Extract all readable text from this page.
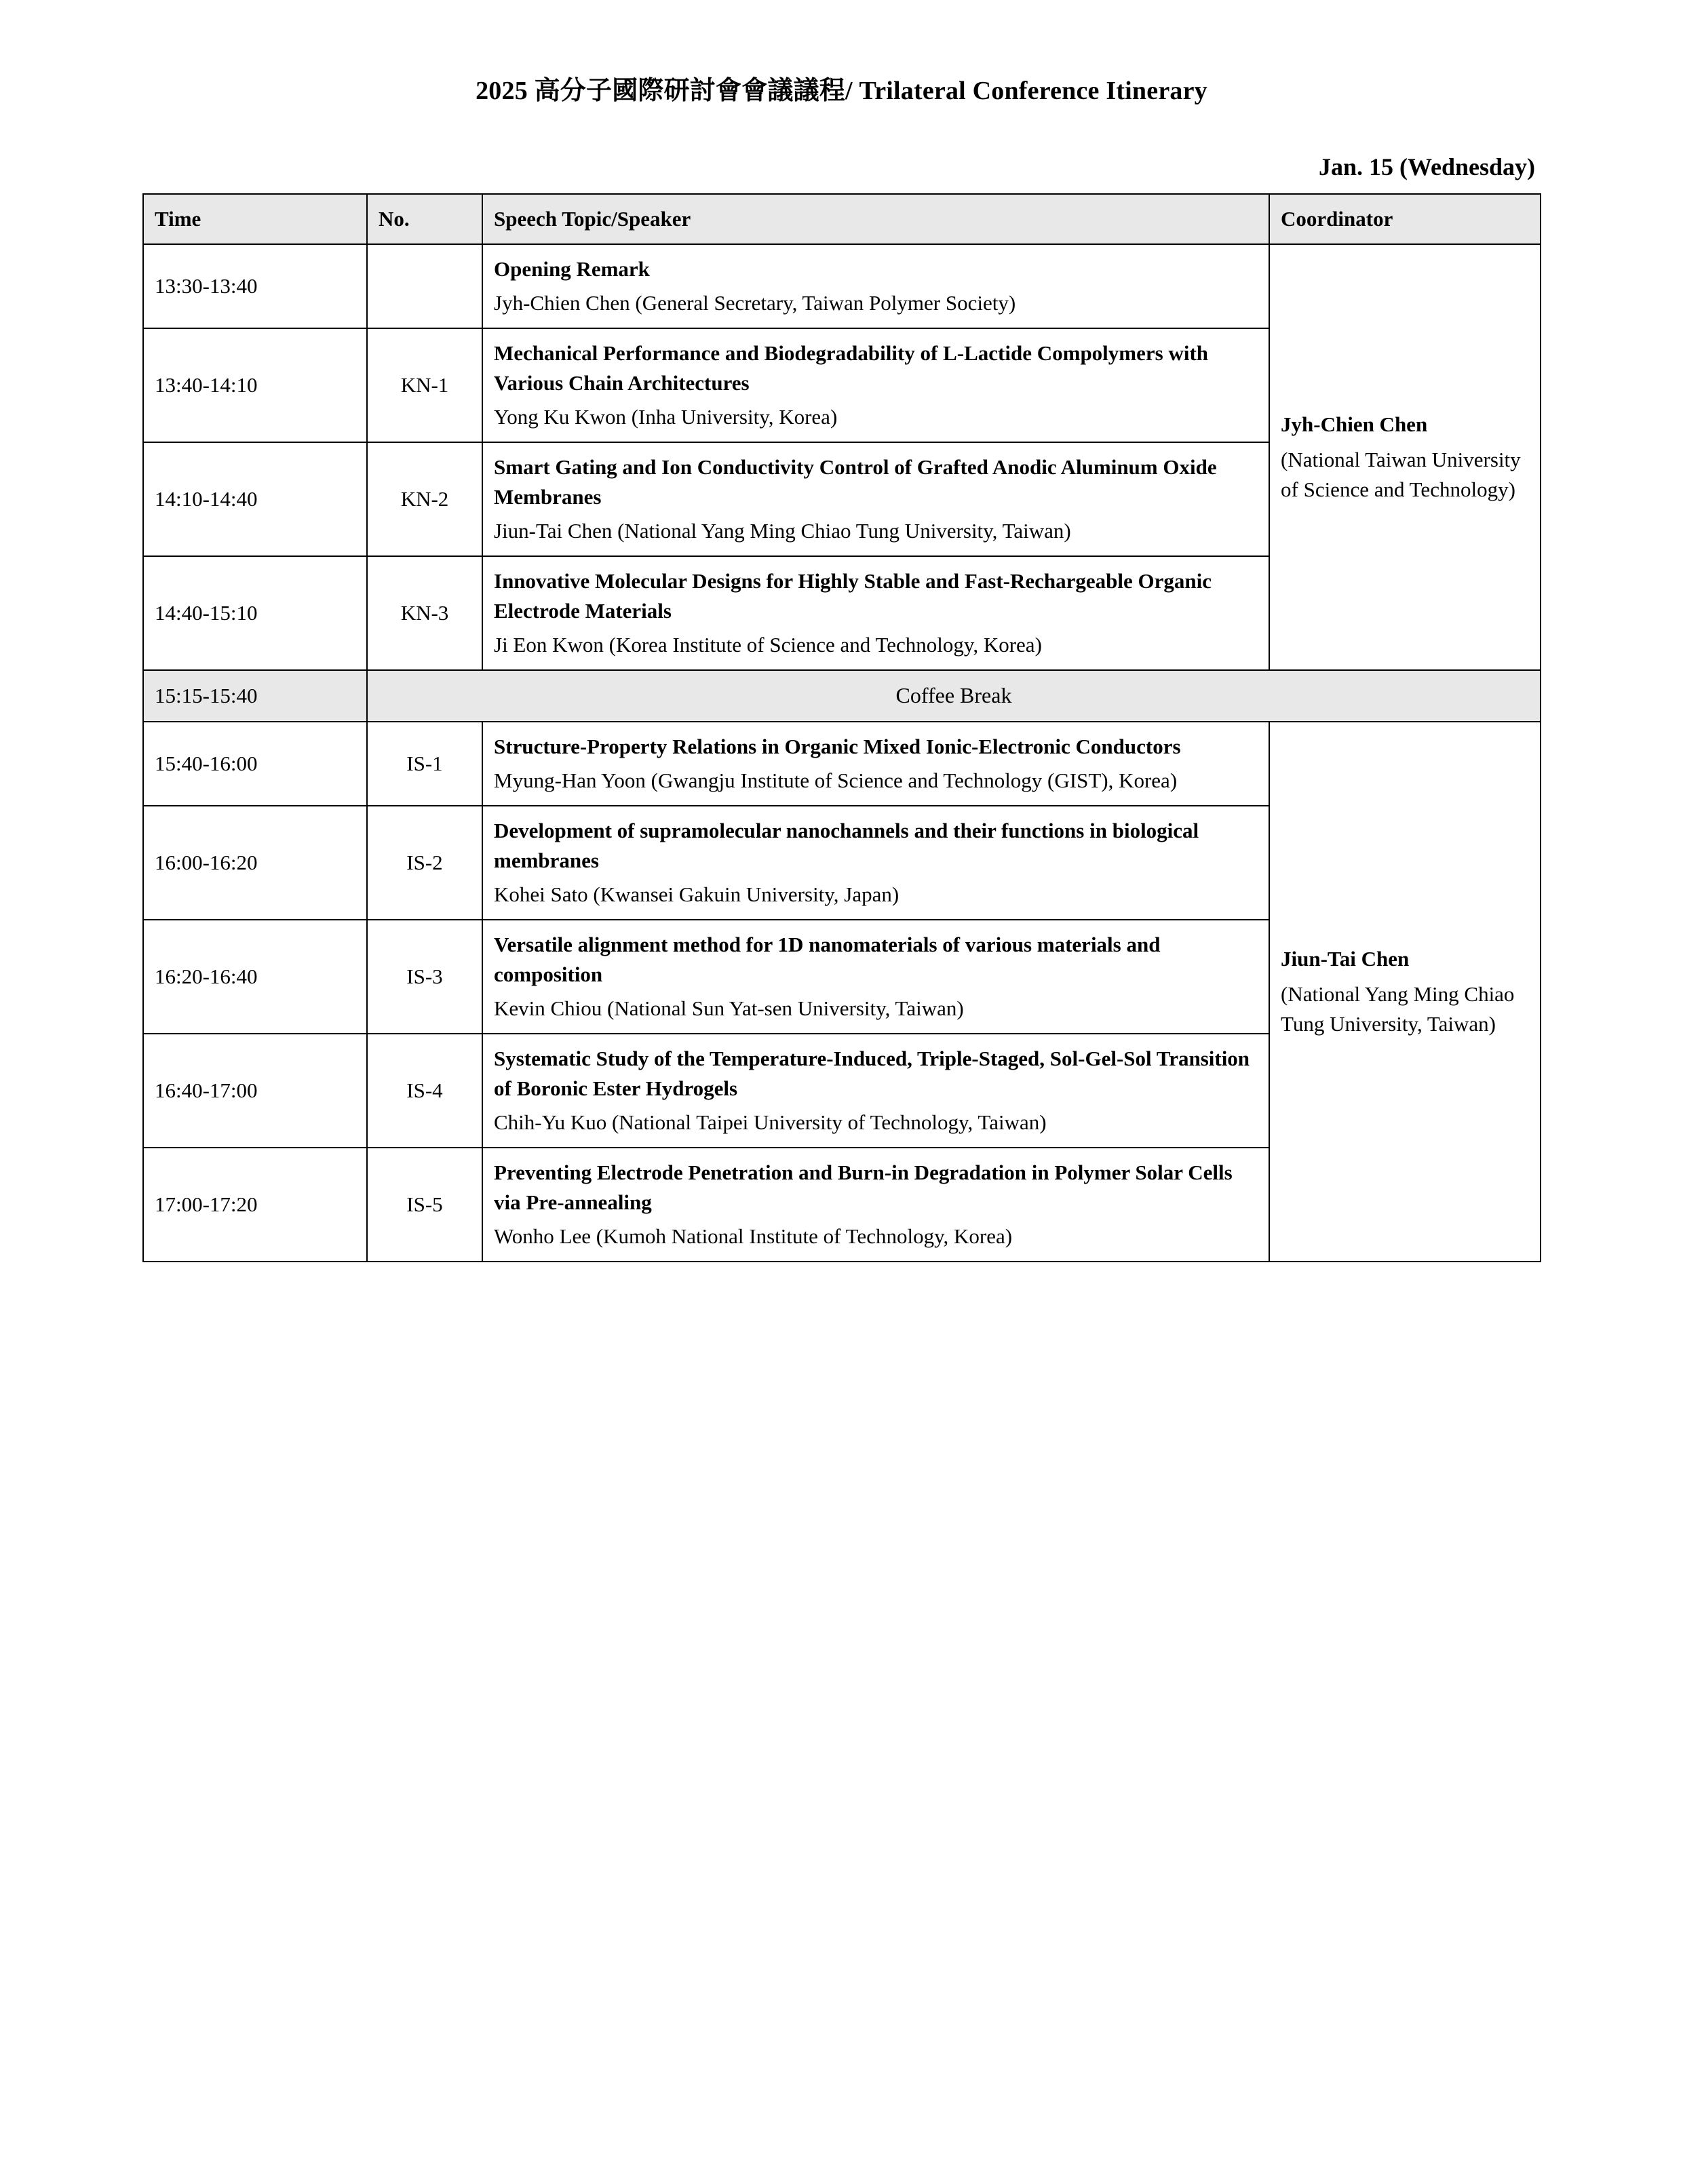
2025 高分子國際研討會會議議程/ Trilateral Conference Itinerary
Jan. 15 (Wednesday)
Time	No.	Speech Topic/Speaker	Coordinator
13:30-13:40		Opening Remark
Jyh-Chien Chen (General Secretary, Taiwan Polymer Society)	Jyh-Chien Chen
(National Taiwan University of Science and Technology)

13:40-14:10	KN-1	Mechanical Performance and Biodegradability of L-Lactide Compolymers with Various Chain Architectures
Yong Ku Kwon (Inha University, Korea)	

14:10-14:40	KN-2	Smart Gating and Ion Conductivity Control of Grafted Anodic Aluminum Oxide Membranes
Jiun-Tai Chen (National Yang Ming Chiao Tung University, Taiwan)	

14:40-15:10	KN-3	Innovative Molecular Designs for Highly Stable and Fast-Rechargeable Organic Electrode Materials
Ji Eon Kwon (Korea Institute of Science and Technology, Korea)	

15:15-15:40	Coffee Break		
15:40-16:00	IS-1	Structure-Property Relations in Organic Mixed Ionic-Electronic Conductors
Myung-Han Yoon (Gwangju Institute of Science and Technology (GIST), Korea)	Jiun-Tai Chen
(National Yang Ming Chiao Tung University, Taiwan)

16:00-16:20	IS-2	Development of supramolecular nanochannels and their functions in biological membranes
Kohei Sato (Kwansei Gakuin University, Japan)	

16:20-16:40	IS-3	Versatile alignment method for 1D nanomaterials of various materials and composition
Kevin Chiou (National Sun Yat-sen University, Taiwan)	

16:40-17:00	IS-4	Systematic Study of the Temperature-Induced, Triple-Staged, Sol-Gel-Sol Transition of Boronic Ester Hydrogels
Chih-Yu Kuo (National Taipei University of Technology, Taiwan)	

17:00-17:20	IS-5	Preventing Electrode Penetration and Burn-in Degradation in Polymer Solar Cells via Pre-annealing
Wonho Lee (Kumoh National Institute of Technology, Korea)	
